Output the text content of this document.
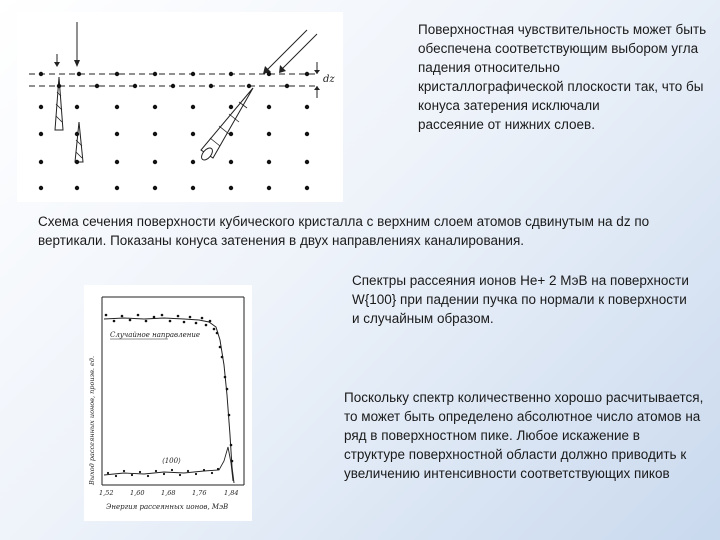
dz
Поверхностная чувствительность может быть обеспечена соответствующим выбором угла падения относительно кристаллографической плоскости так, что бы конуса затерения исключали
рассеяние от нижних слоев.
Схема сечения поверхности кубического кристалла с верхним слоем атомов сдвинутым на dz по вертикали. Показаны конуса затенения в двух направлениях каналирования.
Спектры рассеяния ионов He+ 2 МэВ на поверхности W{100} при падении пучка по нормали к поверхности и случайным образом.
Поскольку спектр количественно хорошо расчитывается, то может быть определено абсолютное число атомов на ряд в поверхностном пике. Любое искажение в структуре поверхностной области должно приводить к увеличению интенсивности соответствующих пиков
Выход рассеянных ионов, произв. ед.
Случайное направление
⟨100⟩
1,52	1,60	1,68	1,76	1,84
Энергия рассеянных ионов, МэВ
